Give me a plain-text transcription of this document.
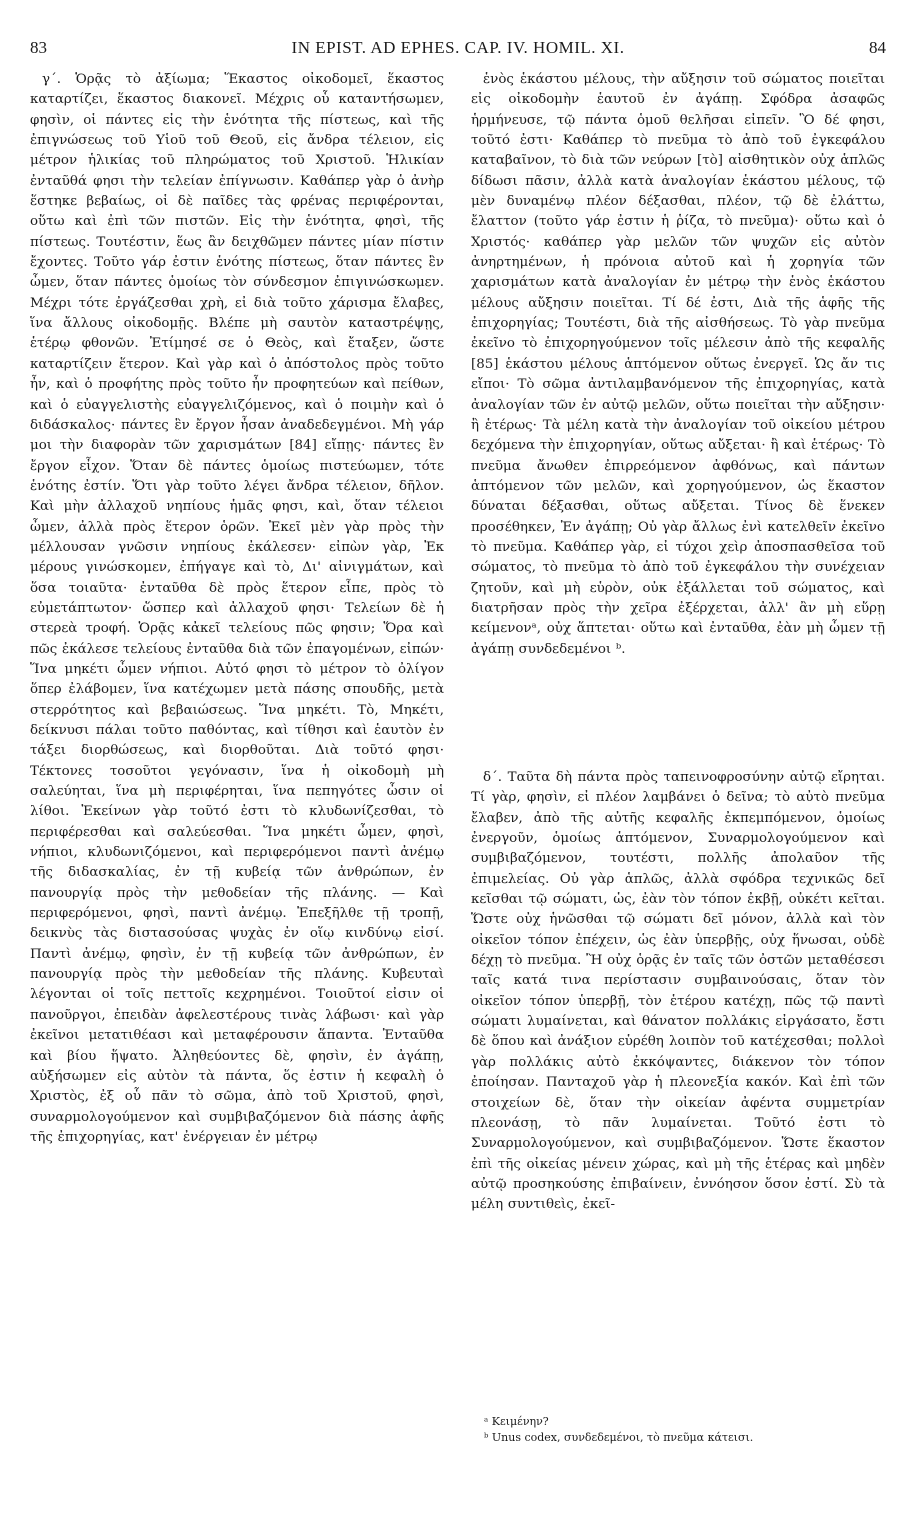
83	IN EPIST. AD EPHES. CAP. IV. HOMIL. XI.	84

γ΄. Ὁρᾷς τὸ ἀξίωμα; Ἕκαστος οἰκοδομεῖ, ἕκαστος καταρτίζει, ἕκαστος διακονεῖ. Μέχρις οὗ καταντήσωμεν, φησὶν, οἱ πάντες εἰς τὴν ἑνότητα τῆς πίστεως, καὶ τῆς ἐπιγνώσεως τοῦ Υἱοῦ τοῦ Θεοῦ, εἰς ἄνδρα τέλειον, εἰς μέτρον ἡλικίας τοῦ πληρώματος τοῦ Χριστοῦ. Ἡλικίαν ἐνταῦθά φησι τὴν τελείαν ἐπίγνωσιν. Καθάπερ γὰρ ὁ ἀνὴρ ἕστηκε βεβαίως, οἱ δὲ παῖδες τὰς φρένας περιφέρονται, οὕτω καὶ ἐπὶ τῶν πιστῶν. Εἰς τὴν ἑνότητα, φησὶ, τῆς πίστεως. Τουτέστιν, ἕως ἂν δειχθῶμεν πάντες μίαν πίστιν ἔχοντες. Τοῦτο γάρ ἐστιν ἑνότης πίστεως, ὅταν πάντες ἓν ὦμεν, ὅταν πάντες ὁμοίως τὸν σύνδεσμον ἐπιγινώσκωμεν. Μέχρι τότε ἐργάζεσθαι χρὴ, εἰ διὰ τοῦτο χάρισμα ἔλαβες, ἵνα ἄλλους οἰκοδομῇς. Βλέπε μὴ σαυτὸν καταστρέψῃς, ἑτέρῳ φθονῶν. Ἐτίμησέ σε ὁ Θεὸς, καὶ ἔταξεν, ὥστε καταρτίζειν ἕτερον. Καὶ γὰρ καὶ ὁ ἀπόστολος πρὸς τοῦτο ἦν, καὶ ὁ προφήτης πρὸς τοῦτο ἦν προφητεύων καὶ πείθων, καὶ ὁ εὐαγγελιστὴς εὐαγγελιζόμενος, καὶ ὁ ποιμὴν καὶ ὁ διδάσκαλος· πάντες ἓν ἔργον ἦσαν ἀναδεδεγμένοι. Μὴ γάρ μοι τὴν διαφορὰν τῶν χαρισμάτων [84] εἴπῃς· πάντες ἓν ἔργον εἶχον. Ὅταν δὲ πάντες ὁμοίως πιστεύωμεν, τότε ἑνότης ἐστίν. Ὅτι γὰρ τοῦτο λέγει ἄνδρα τέλειον, δῆλον. Καὶ μὴν ἀλλαχοῦ νηπίους ἡμᾶς φησι, καὶ, ὅταν τέλειοι ὦμεν, ἀλλὰ πρὸς ἕτερον ὁρῶν. Ἐκεῖ μὲν γὰρ πρὸς τὴν μέλλουσαν γνῶσιν νηπίους ἐκάλεσεν· εἰπὼν γὰρ, Ἐκ μέρους γινώσκομεν, ἐπήγαγε καὶ τὸ, Δι' αἰνιγμάτων, καὶ ὅσα τοιαῦτα· ἐνταῦθα δὲ πρὸς ἕτερον εἶπε, πρὸς τὸ εὐμετάπτωτον· ὥσπερ καὶ ἀλλαχοῦ φησι· Τελείων δὲ ἡ στερεὰ τροφή. Ὁρᾷς κἀκεῖ τελείους πῶς φησιν; Ὅρα καὶ πῶς ἐκάλεσε τελείους ἐνταῦθα διὰ τῶν ἐπαγομένων, εἰπών· Ἵνα μηκέτι ὦμεν νήπιοι. Αὐτό φησι τὸ μέτρον τὸ ὀλίγον ὅπερ ἐλάβομεν, ἵνα κατέχωμεν μετὰ πάσης σπουδῆς, μετὰ στερρότητος καὶ βεβαιώσεως. Ἵνα μηκέτι. Τὸ, Μηκέτι, δείκνυσι πάλαι τοῦτο παθόντας, καὶ τίθησι καὶ ἑαυτὸν ἐν τάξει διορθώσεως, καὶ διορθοῦται. Διὰ τοῦτό φησι· Τέκτονες τοσοῦτοι γεγόνασιν, ἵνα ἡ οἰκοδομὴ μὴ σαλεύηται, ἵνα μὴ περιφέρηται, ἵνα πεπηγότες ὦσιν οἱ λίθοι. Ἐκείνων γὰρ τοῦτό ἐστι τὸ κλυδωνίζεσθαι, τὸ περιφέρεσθαι καὶ σαλεύεσθαι. Ἵνα μηκέτι ὦμεν, φησὶ, νήπιοι, κλυδωνιζόμενοι, καὶ περιφερόμενοι παντὶ ἀνέμῳ τῆς διδασκαλίας, ἐν τῇ κυβείᾳ τῶν ἀνθρώπων, ἐν πανουργίᾳ πρὸς τὴν μεθοδείαν τῆς πλάνης. — Καὶ περιφερόμενοι, φησὶ, παντὶ ἀνέμῳ. Ἐπεξῆλθε τῇ τροπῇ, δεικνὺς τὰς διστασούσας ψυχὰς ἐν οἵῳ κινδύνῳ εἰσί. Παντὶ ἀνέμῳ, φησὶν, ἐν τῇ κυβείᾳ τῶν ἀνθρώπων, ἐν πανουργίᾳ πρὸς τὴν μεθοδείαν τῆς πλάνης. Κυβευταὶ λέγονται οἱ τοῖς πεττοῖς κεχρημένοι. Τοιοῦτοί εἰσιν οἱ πανοῦργοι, ἐπειδὰν ἀφελεστέρους τινὰς λάβωσι· καὶ γὰρ ἐκεῖνοι μετατιθέασι καὶ μεταφέρουσιν ἅπαντα. Ἐνταῦθα καὶ βίου ἥψατο. Ἀληθεύοντες δὲ, φησὶν, ἐν ἀγάπῃ, αὐξήσωμεν εἰς αὐτὸν τὰ πάντα, ὅς ἐστιν ἡ κεφαλὴ ὁ Χριστὸς, ἐξ οὗ πᾶν τὸ σῶμα, ἀπὸ τοῦ Χριστοῦ, φησὶ, συναρμολογούμενον καὶ συμβιβαζόμενον διὰ πάσης ἁφῆς τῆς ἐπιχορηγίας, κατ' ἐνέργειαν ἐν μέτρῳ

ἑνὸς ἑκάστου μέλους, τὴν αὔξησιν τοῦ σώματος ποιεῖται εἰς οἰκοδομὴν ἑαυτοῦ ἐν ἀγάπῃ. Σφόδρα ἀσαφῶς ἡρμήνευσε, τῷ πάντα ὁμοῦ θελῆσαι εἰπεῖν. Ὃ δέ φησι, τοῦτό ἐστι· Καθάπερ τὸ πνεῦμα τὸ ἀπὸ τοῦ ἐγκεφάλου καταβαῖνον, τὸ διὰ τῶν νεύρων [τὸ] αἰσθητικὸν οὐχ ἁπλῶς δίδωσι πᾶσιν, ἀλλὰ κατὰ ἀναλογίαν ἑκάστου μέλους, τῷ μὲν δυναμένῳ πλέον δέξασθαι, πλέον, τῷ δὲ ἐλάττω, ἔλαττον (τοῦτο γάρ ἐστιν ἡ ῥίζα, τὸ πνεῦμα)· οὕτω καὶ ὁ Χριστός· καθάπερ γὰρ μελῶν τῶν ψυχῶν εἰς αὐτὸν ἀνηρτημένων, ἡ πρόνοια αὐτοῦ καὶ ἡ χορηγία τῶν χαρισμάτων κατὰ ἀναλογίαν ἐν μέτρῳ τὴν ἑνὸς ἑκάστου μέλους αὔξησιν ποιεῖται. Τί δέ ἐστι, Διὰ τῆς ἁφῆς τῆς ἐπιχορηγίας; Τουτέστι, διὰ τῆς αἰσθήσεως. Τὸ γὰρ πνεῦμα ἐκεῖνο τὸ ἐπιχορηγούμενον τοῖς μέλεσιν ἀπὸ τῆς κεφαλῆς [85] ἑκάστου μέλους ἁπτόμενον οὕτως ἐνεργεῖ. Ὡς ἄν τις εἴποι· Τὸ σῶμα ἀντιλαμβανόμενον τῆς ἐπιχορηγίας, κατὰ ἀναλογίαν τῶν ἐν αὐτῷ μελῶν, οὕτω ποιεῖται τὴν αὔξησιν· ἢ ἑτέρως· Τὰ μέλη κατὰ τὴν ἀναλογίαν τοῦ οἰκείου μέτρου δεχόμενα τὴν ἐπιχορηγίαν, οὕτως αὔξεται· ἢ καὶ ἑτέρως· Τὸ πνεῦμα ἄνωθεν ἐπιρρεόμενον ἀφθόνως, καὶ πάντων ἁπτόμενον τῶν μελῶν, καὶ χορηγούμενον, ὡς ἕκαστον δύναται δέξασθαι, οὕτως αὔξεται. Τίνος δὲ ἕνεκεν προσέθηκεν, Ἐν ἀγάπῃ; Οὐ γὰρ ἄλλως ἐνὶ κατελθεῖν ἐκεῖνο τὸ πνεῦμα. Καθάπερ γὰρ, εἰ τύχοι χεὶρ ἀποσπασθεῖσα τοῦ σώματος, τὸ πνεῦμα τὸ ἀπὸ τοῦ ἐγκεφάλου τὴν συνέχειαν ζητοῦν, καὶ μὴ εὑρὸν, οὐκ ἐξάλλεται τοῦ σώματος, καὶ διατρῆσαν πρὸς τὴν χεῖρα ἐξέρχεται, ἀλλ' ἂν μὴ εὕρῃ κείμενονᵃ, οὐχ ἅπτεται· οὕτω καὶ ἐνταῦθα, ἐὰν μὴ ὦμεν τῇ ἀγάπῃ συνδεδεμένοι ᵇ.

δ΄. Ταῦτα δὴ πάντα πρὸς ταπεινοφροσύνην αὐτῷ εἴρηται. Τί γὰρ, φησὶν, εἰ πλέον λαμβάνει ὁ δεῖνα; τὸ αὐτὸ πνεῦμα ἔλαβεν, ἀπὸ τῆς αὐτῆς κεφαλῆς ἐκπεμπόμενον, ὁμοίως ἐνεργοῦν, ὁμοίως ἁπτόμενον, Συναρμολογούμενον καὶ συμβιβαζόμενον, τουτέστι, πολλῆς ἀπολαῦον τῆς ἐπιμελείας. Οὐ γὰρ ἁπλῶς, ἀλλὰ σφόδρα τεχνικῶς δεῖ κεῖσθαι τῷ σώματι, ὡς, ἐὰν τὸν τόπον ἐκβῇ, οὐκέτι κεῖται. Ὥστε οὐχ ἡνῶσθαι τῷ σώματι δεῖ μόνον, ἀλλὰ καὶ τὸν οἰκεῖον τόπον ἐπέχειν, ὡς ἐὰν ὑπερβῇς, οὐχ ἥνωσαι, οὐδὲ δέχῃ τὸ πνεῦμα. Ἢ οὐχ ὁρᾷς ἐν ταῖς τῶν ὀστῶν μεταθέσεσι ταῖς κατά τινα περίστασιν συμβαινούσαις, ὅταν τὸν οἰκεῖον τόπον ὑπερβῇ, τὸν ἑτέρου κατέχῃ, πῶς τῷ παντὶ σώματι λυμαίνεται, καὶ θάνατον πολλάκις εἰργάσατο, ἔστι δὲ ὅπου καὶ ἀνάξιον εὑρέθη λοιπὸν τοῦ κατέχεσθαι; πολλοὶ γὰρ πολλάκις αὐτὸ ἐκκόψαντες, διάκενον τὸν τόπον ἐποίησαν. Πανταχοῦ γὰρ ἡ πλεονεξία κακόν. Καὶ ἐπὶ τῶν στοιχείων δὲ, ὅταν τὴν οἰκείαν ἀφέντα συμμετρίαν πλεονάσῃ, τὸ πᾶν λυμαίνεται. Τοῦτό ἐστι τὸ Συναρμολογούμενον, καὶ συμβιβαζόμενον. Ὥστε ἕκαστον ἐπὶ τῆς οἰκείας μένειν χώρας, καὶ μὴ τῆς ἑτέρας καὶ μηδὲν αὐτῷ προσηκούσης ἐπιβαίνειν, ἐννόησον ὅσον ἐστί. Σὺ τὰ μέλη συντιθεὶς, ἐκεῖ-

ᵃ Κειμένην?
ᵇ Unus codex, συνδεδεμένοι, τὸ πνεῦμα κάτεισι.
